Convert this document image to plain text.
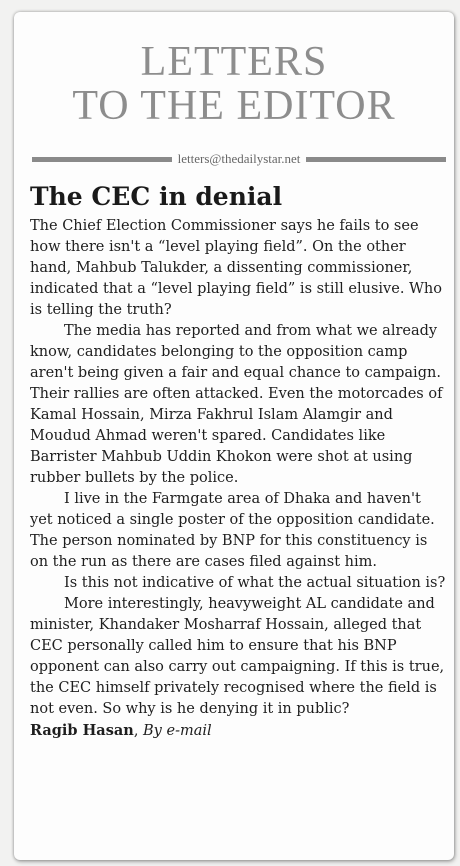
LETTERS
TO THE EDITOR
letters@thedailystar.net
The CEC in denial

The Chief Election Commissioner says he fails to see how there isn't a “level playing field”. On the other hand, Mahbub Talukder, a dissenting commissioner, indicated that a “level playing field” is still elusive. Who is telling the truth?

The media has reported and from what we already know, candidates belonging to the opposition camp aren't being given a fair and equal chance to campaign. Their rallies are often attacked. Even the motorcades of Kamal Hossain, Mirza Fakhrul Islam Alamgir and Moudud Ahmad weren't spared. Candidates like Barrister Mahbub Uddin Khokon were shot at using rubber bullets by the police.

I live in the Farmgate area of Dhaka and haven't yet noticed a single poster of the opposition candidate. The person nominated by BNP for this constituency is on the run as there are cases filed against him.

Is this not indicative of what the actual situation is?

More interestingly, heavyweight AL candidate and minister, Khandaker Mosharraf Hossain, alleged that CEC personally called him to ensure that his BNP opponent can also carry out campaigning. If this is true, the CEC himself privately recognised where the field is not even. So why is he denying it in public?

Ragib Hasan, By e-mail
